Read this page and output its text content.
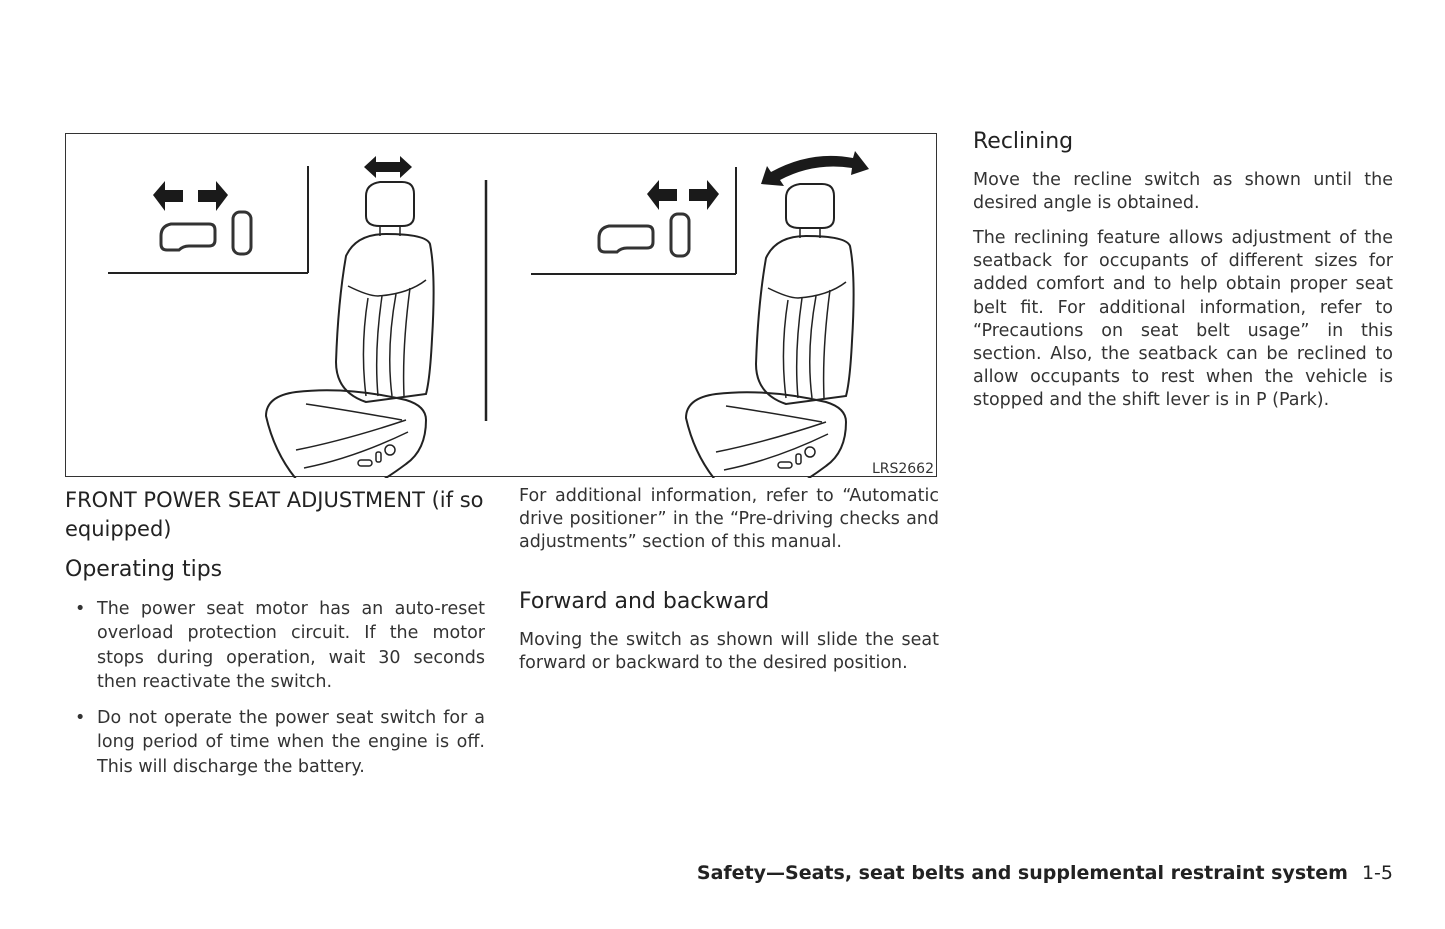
LRS2662
FRONT POWER SEAT ADJUSTMENT (if so equipped)
Operating tips
• The power seat motor has an auto-reset overload protection circuit. If the motor stops during operation, wait 30 seconds then reactivate the switch.
• Do not operate the power seat switch for a long period of time when the engine is off. This will discharge the battery.

For additional information, refer to “Automatic drive positioner” in the “Pre-driving checks and adjustments” section of this manual.

Forward and backward

Moving the switch as shown will slide the seat forward or backward to the desired position.

Reclining

Move the recline switch as shown until the desired angle is obtained.

The reclining feature allows adjustment of the seatback for occupants of different sizes for added comfort and to help obtain proper seat belt fit. For additional information, refer to “Precautions on seat belt usage” in this section. Also, the seatback can be reclined to allow occupants to rest when the vehicle is stopped and the shift lever is in P (Park).

Safety—Seats, seat belts and supplemental restraint system 1-5
